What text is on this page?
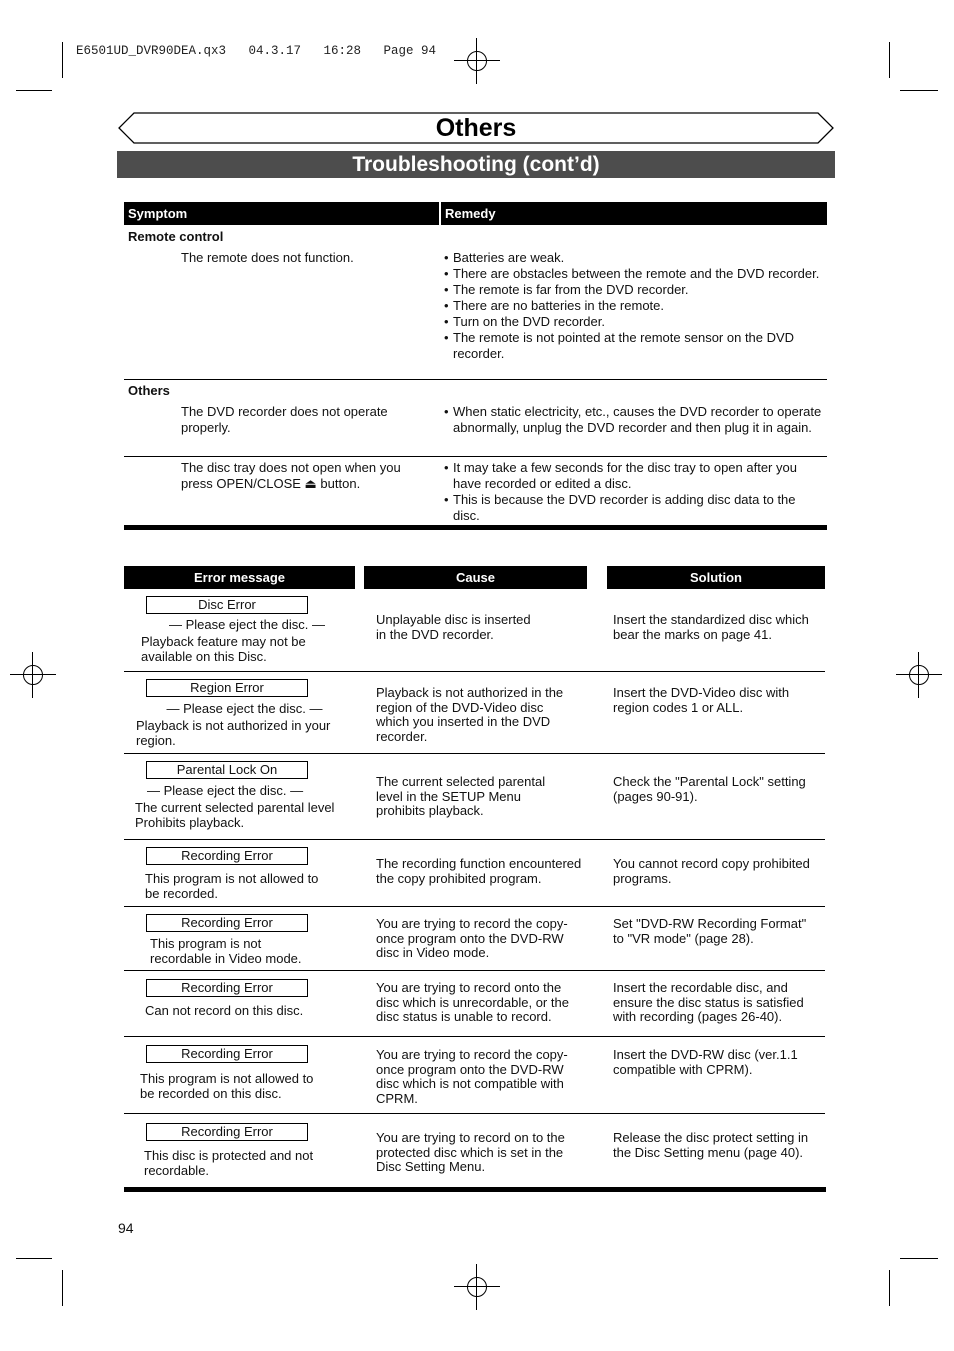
E6501UD_DVR90DEA.qx3   04.3.17   16:28   Page 94
Others
Troubleshooting (cont’d)
Symptom	Remedy
Remote control
The remote does not function.
•	Batteries are weak.
• There are obstacles between the remote and the DVD recorder.
• The remote is far from the DVD recorder.
• There are no batteries in the remote.
• Turn on the DVD recorder.
• The remote is not pointed at the remote sensor on the DVD recorder.
Others
The DVD recorder does not operate properly.
• When static electricity, etc., causes the DVD recorder to operate abnormally, unplug the DVD recorder and then plug it in again.
The disc tray does not open when you press OPEN/CLOSE ⏏ button.
• It may take a few seconds for the disc tray to open after you have recorded or edited a disc.
• This is because the DVD recorder is adding disc data to the disc.
Error message	Cause	Solution
Disc Error
— Please eject the disc. —
Playback feature may not be available on this Disc.
Unplayable disc is inserted in the DVD recorder.
Insert the standardized disc which bear the marks on page 41.
Region Error
— Please eject the disc. —
Playback is not authorized in your region.
Playback is not authorized in the region of the DVD-Video disc which you inserted in the DVD recorder.
Insert the DVD-Video disc with region codes 1 or ALL.
Parental Lock On
— Please eject the disc. —
The current selected parental level Prohibits playback.
The current selected parental level in the SETUP Menu prohibits playback.
Check the "Parental Lock" setting (pages 90-91).
Recording Error
This program is not allowed to be recorded.
The recording function encountered the copy prohibited program.
You cannot record copy prohibited programs.
Recording Error
This program is not recordable in Video mode.
You are trying to record the copy-once program onto the DVD-RW disc in Video mode.
Set "DVD-RW Recording Format" to "VR mode" (page 28).
Recording Error
Can not record on this disc.
You are trying to record onto the disc which is unrecordable, or the disc status is unable to record.
Insert the recordable disc, and ensure the disc status is satisfied with recording (pages 26-40).
Recording Error
This program is not allowed to be recorded on this disc.
You are trying to record the copy-once program onto the DVD-RW disc which is not compatible with CPRM.
Insert the DVD-RW disc (ver.1.1 compatible with CPRM).
Recording Error
This disc is protected and not recordable.
You are trying to record on to the protected disc which is set in the Disc Setting Menu.
Release the disc protect setting in the Disc Setting menu (page 40).
94
